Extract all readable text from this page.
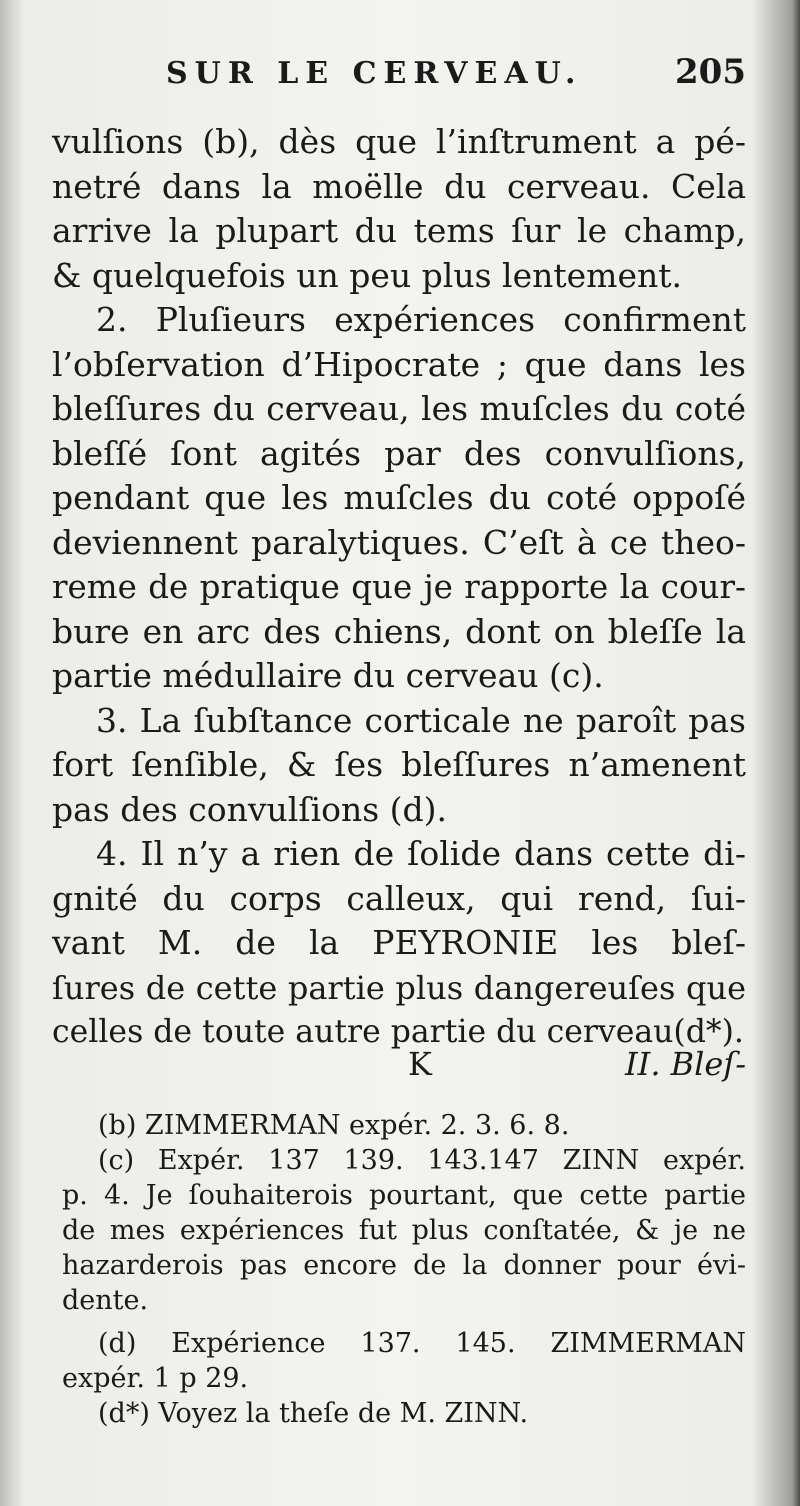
SUR LE CERVEAU.	205
vulſions (b), dès que l’inſtrument a pé-
netré dans la moëlle du cerveau. Cela
arrive la plupart du tems ſur le champ,
& quelquefois un peu plus lentement.
2. Pluſieurs expériences confirment
l’obſervation d’Hipocrate ; que dans les
bleſſures du cerveau, les muſcles du coté
bleſſé ſont agités par des convulſions,
pendant que les muſcles du coté oppoſé
deviennent paralytiques. C’eſt à ce theo-
reme de pratique que je rapporte la cour-
bure en arc des chiens, dont on bleſſe la
partie médullaire du cerveau (c).
3. La ſubſtance corticale ne paroît pas
fort ſenſible, & ſes bleſſures n’amenent
pas des convulſions (d).
4. Il n’y a rien de ſolide dans cette di-
gnité du corps calleux, qui rend, ſui-
vant M. de la PEYRONIE les bleſ-
ſures de cette partie plus dangereuſes que
celles de toute autre partie du cerveau(d*).
K	II. Bleſ-
(b) ZIMMERMAN expér. 2. 3. 6. 8.
(c) Expér. 137 139. 143.147 ZINN expér.
p. 4. Je ſouhaiterois pourtant, que cette partie
de mes expériences fut plus conſtatée, & je ne
hazarderois pas encore de la donner pour évi-
dente.
(d) Expérience 137. 145. ZIMMERMAN
expér. 1 p 29.
(d*) Voyez la theſe de M. ZINN.
